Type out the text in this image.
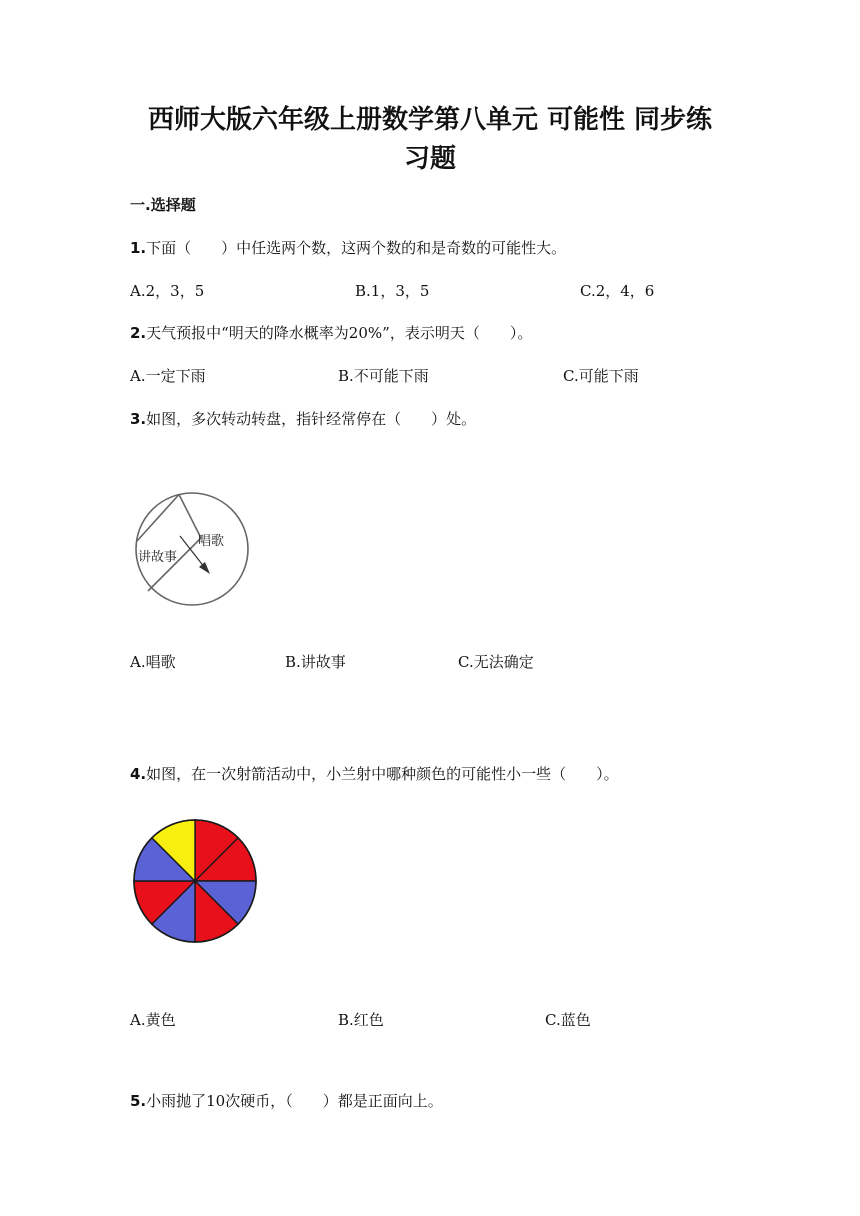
西师大版六年级上册数学第八单元 可能性 同步练
习题
一.选择题
1.下面（　　）中任选两个数，这两个数的和是奇数的可能性大。
A.2，3，5	B.1，3，5	C.2，4，6
2.天气预报中“明天的降水概率为20%”，表示明天（　　）。
A.一定下雨	B.不可能下雨	C.可能下雨
3.如图，多次转动转盘，指针经常停在（　　）处。
讲故事
唱歌
A.唱歌	B.讲故事	C.无法确定
4.如图，在一次射箭活动中，小兰射中哪种颜色的可能性小一些（　　）。
A.黄色	B.红色	C.蓝色
5.小雨抛了10次硬币，（　　）都是正面向上。
